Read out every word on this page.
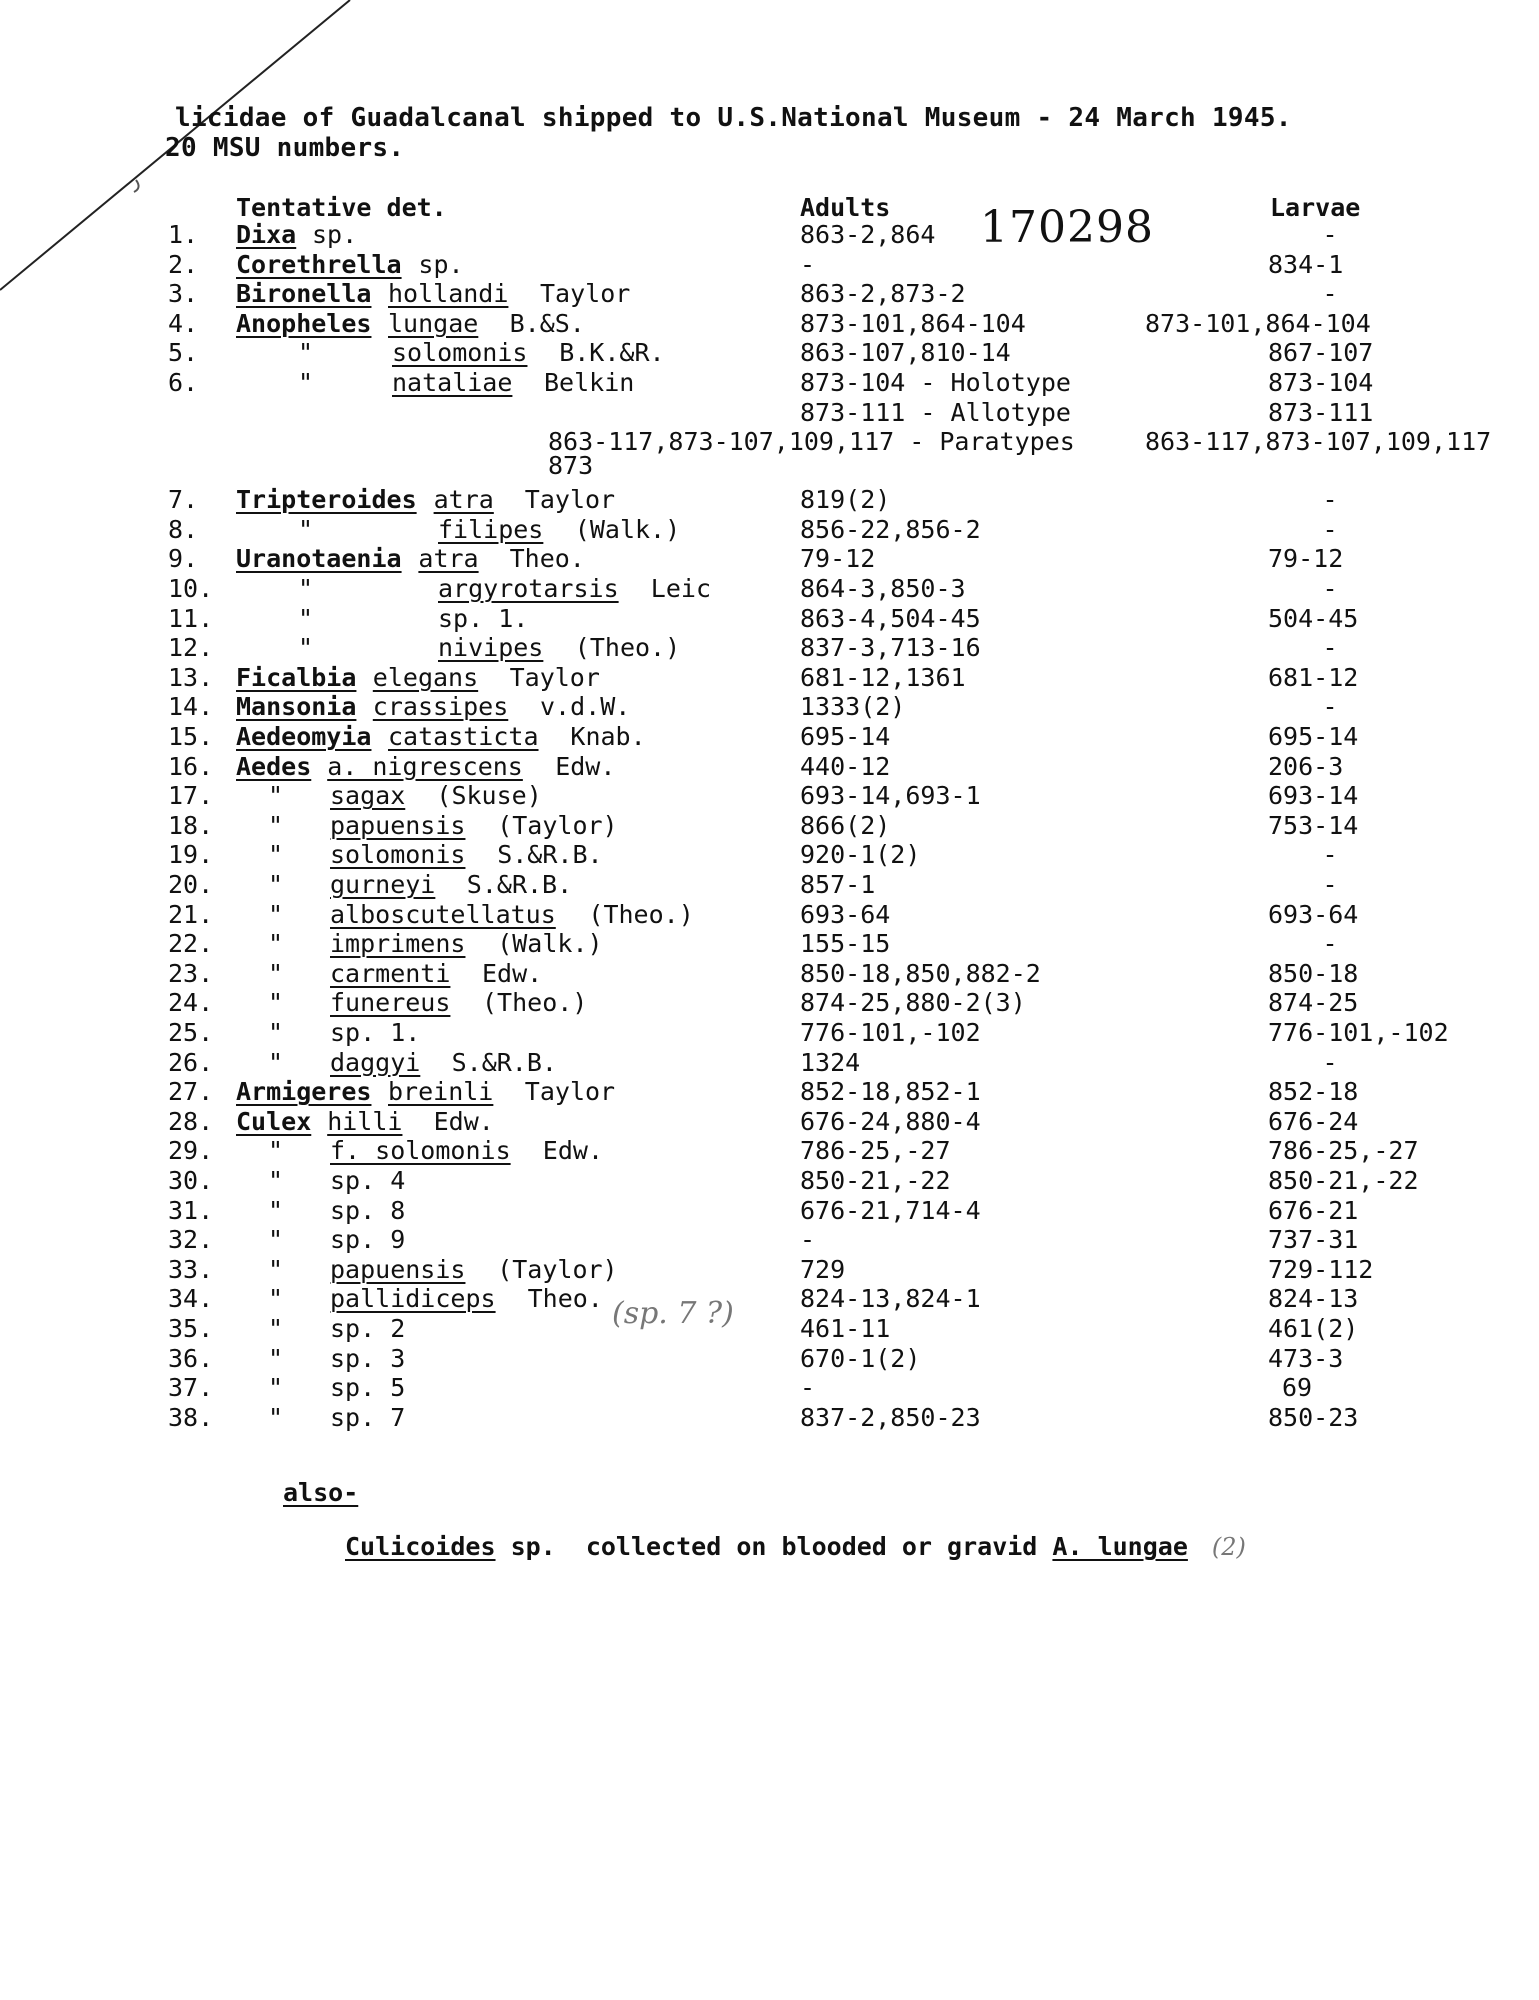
licidae of Guadalcanal shipped to U.S.National Museum - 24 March 1945.
20 MSU numbers.
170298
Tentative det.	Adults	Larvae
1. Dixa sp.	863-2,864	-
2. Corethrella sp.	-	834-1
3. Bironella hollandi Taylor	863-2,873-2	-
4. Anopheles lungae B.&S.	873-101,864-104	873-101,864-104
5.	"	solomonis B.K.&R.	863-107,810-14	867-107
6.	"	nataliae Belkin	873-104 - Holotype	873-104
873-111 - Allotype	873-111
863-117,873-107,109,117 - Paratypes	863-117,873-107,109,117
873
7. Tripteroides atra Taylor	819(2)	-
8.	"	filipes (Walk.)	856-22,856-2	-
9. Uranotaenia atra Theo.	79-12	79-12
10.	"	argyrotarsis Leic	864-3,850-3	-
11.	"	sp. 1.	863-4,504-45	504-45
12.	"	nivipes (Theo.)	837-3,713-16	-
13. Ficalbia elegans Taylor	681-12,1361	681-12
14. Mansonia crassipes v.d.W.	1333(2)	-
15. Aedeomyia catasticta Knab.	695-14	695-14
16. Aedes a. nigrescens Edw.	440-12	206-3
17. " sagax (Skuse)	693-14,693-1	693-14
18. " papuensis (Taylor)	866(2)	753-14
19. " solomonis S.&R.B.	920-1(2)	-
20. " gurneyi S.&R.B.	857-1	-
21. " alboscutellatus (Theo.)	693-64	693-64
22. " imprimens (Walk.)	155-15	-
23. " carmenti Edw.	850-18,850,882-2	850-18
24. " funereus (Theo.)	874-25,880-2(3)	874-25
25. " sp. 1.	776-101,-102	776-101,-102
26. " daggyi S.&R.B.	1324	-
27. Armigeres breinli Taylor	852-18,852-1	852-18
28. Culex hilli Edw.	676-24,880-4	676-24
29. " f. solomonis Edw.	786-25,-27	786-25,-27
30. " sp. 4	850-21,-22	850-21,-22
31. " sp. 8	676-21,714-4	676-21
32. " sp. 9	-	737-31
33. " papuensis (Taylor)	729	729-112
34. " pallidiceps Theo.	824-13,824-1	824-13
35. " sp. 2	461-11	461(2)
36. " sp. 3	670-1(2)	473-3
37. " sp. 5	-	69
38. " sp. 7	837-2,850-23	850-23
(sp. 7 ?)
also-
Culicoides sp.  collected on blooded or gravid A. lungae (2)
